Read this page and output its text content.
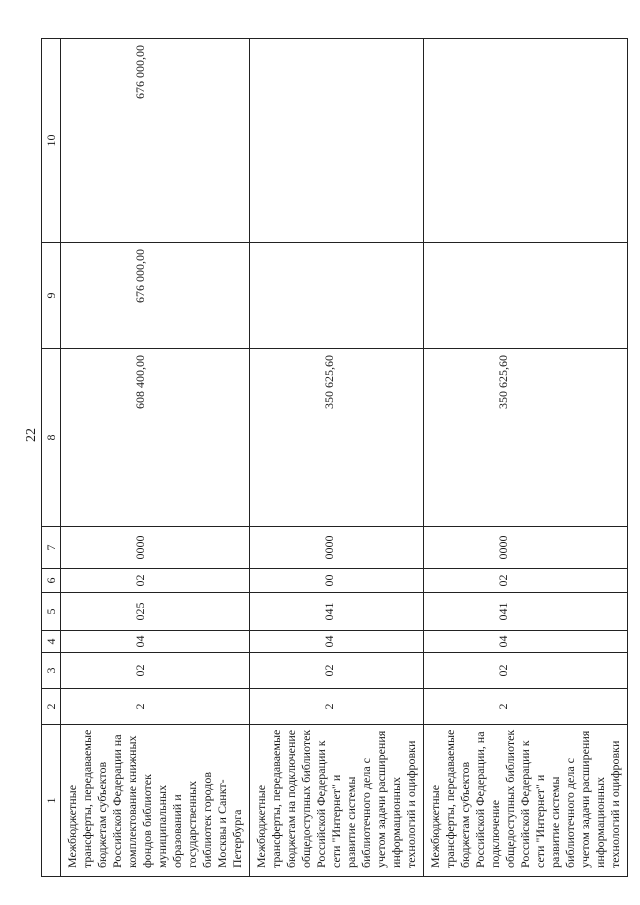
22
1	2	3	4	5	6	7	8	9	10
Межбюджетные трансферты, передаваемые бюджетам субъектов Российской Федерации на комплектование книжных фондов библиотек муниципальных образований и государственных библиотек городов Москвы и Санкт-Петербурга	2	02	04	025	02	0000	608 400,00	676 000,00	676 000,00
Межбюджетные трансферты, передаваемые бюджетам на подключение общедоступных библиотек Российской Федерации к сети "Интернет" и развитие системы библиотечного дела с учетом задачи расширения информационных технологий и оцифровки	2	02	04	041	00	0000	350 625,60		
Межбюджетные трансферты, передаваемые бюджетам субъектов Российской Федерации, на подключение общедоступных библиотек Российской Федерации к сети "Интернет" и развитие системы библиотечного дела с учетом задачи расширения информационных технологий и оцифровки	2	02	04	041	02	0000	350 625,60		
